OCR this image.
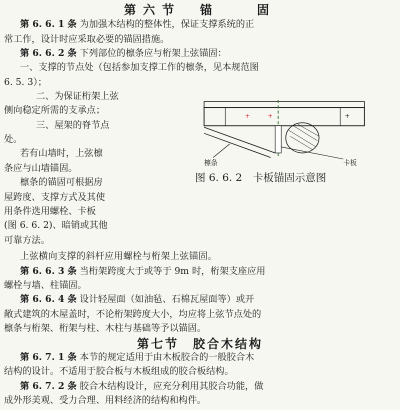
第六节　锚　　固
第 6. 6. 1 条 为加强木结构的整体性，保证支撑系统的正
常工作，设计时应采取必要的锚固措施。
第 6. 6. 2 条 下列部位的檩条应与桁架上弦锚固：
一、支撑的节点处（包括参加支撑工作的檩条，见本规范图
6. 5. 3）；
二、为保证桁架上弦
侧向稳定所需的支承点；
三、屋架的脊节点
处。
若有山墙时，上弦檩
条应与山墙锚固。
檩条的锚固可根据房
屋跨度、支撑方式及其使
用条件选用螺栓、卡板
(图 6. 6. 2)、暗销或其他
可靠方法。
+ +	+
檩条	卡板
图 6. 6. 2　卡板锚固示意图
上弦横向支撑的斜杆应用螺栓与桁架上弦锚固。
第 6. 6. 3 条 当桁架跨度大于或等于 9m 时，桁架支座应用
螺栓与墙、柱锚固。
第 6. 6. 4 条 设计轻屋面（如油毡、石棉瓦屋面等）或开
敞式建筑的木屋盖时，不论桁架跨度大小，均应将上弦节点处的
檩条与桁架、桁架与柱、木柱与基础等予以锚固。
第七节　胶合木结构
第 6. 7. 1 条 本节的规定适用于由木板胶合的一般胶合木
结构的设计。不适用于胶合板与木板组成的胶合板结构。
第 6. 7. 2 条 胶合木结构设计，应充分利用其胶合功能，做
成外形美观、受力合理、用料经济的结构和构件。
